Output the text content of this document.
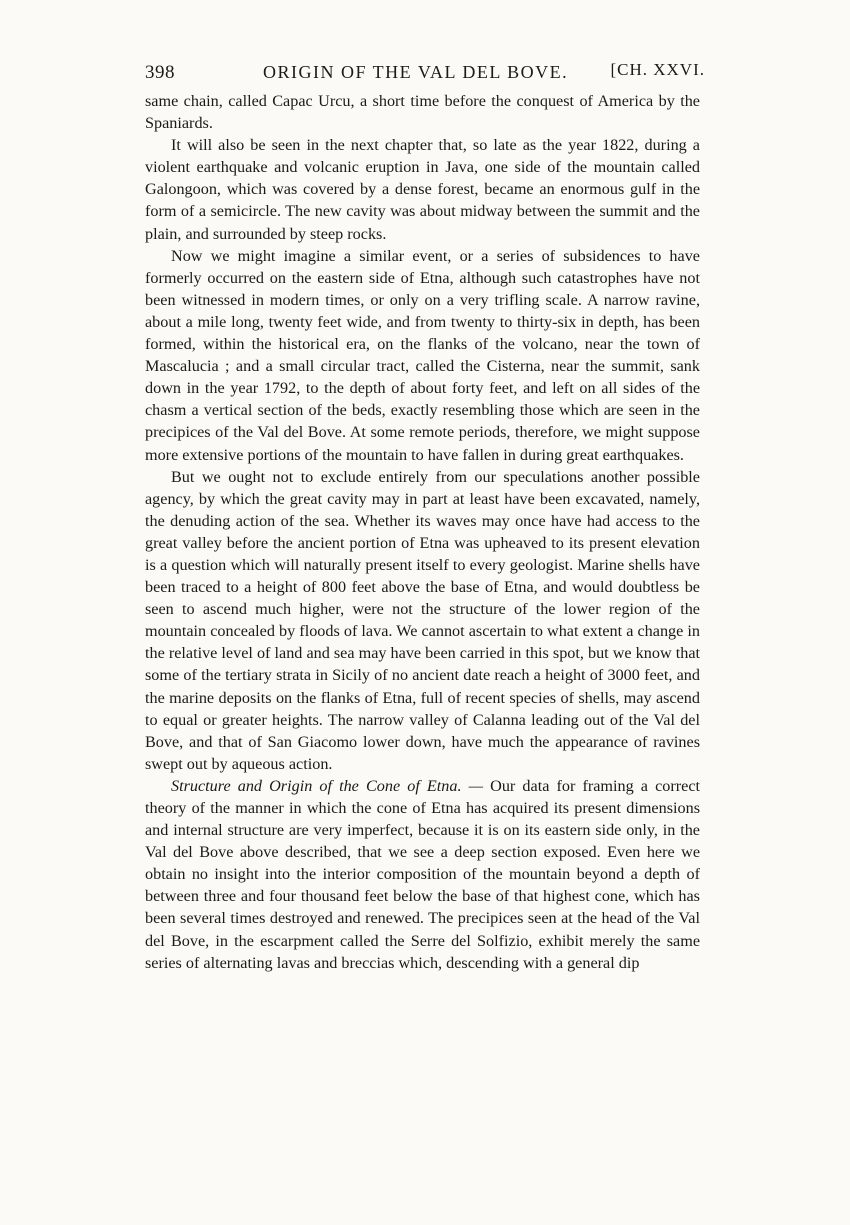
398	ORIGIN OF THE VAL DEL BOVE. [CH. XXVI.

same chain, called Capac Urcu, a short time before the conquest of America by the Spaniards.

It will also be seen in the next chapter that, so late as the year 1822, during a violent earthquake and volcanic eruption in Java, one side of the mountain called Galongoon, which was covered by a dense forest, became an enormous gulf in the form of a semicircle. The new cavity was about midway between the summit and the plain, and surrounded by steep rocks.

Now we might imagine a similar event, or a series of subsidences to have formerly occurred on the eastern side of Etna, although such catastrophes have not been witnessed in modern times, or only on a very trifling scale. A narrow ravine, about a mile long, twenty feet wide, and from twenty to thirty-six in depth, has been formed, within the historical era, on the flanks of the volcano, near the town of Mascalucia ; and a small circular tract, called the Cisterna, near the summit, sank down in the year 1792, to the depth of about forty feet, and left on all sides of the chasm a vertical section of the beds, exactly resembling those which are seen in the precipices of the Val del Bove. At some remote periods, therefore, we might suppose more extensive portions of the mountain to have fallen in during great earthquakes.

But we ought not to exclude entirely from our speculations another possible agency, by which the great cavity may in part at least have been excavated, namely, the denuding action of the sea. Whether its waves may once have had access to the great valley before the ancient portion of Etna was upheaved to its present elevation is a question which will naturally present itself to every geologist. Marine shells have been traced to a height of 800 feet above the base of Etna, and would doubtless be seen to ascend much higher, were not the structure of the lower region of the mountain concealed by floods of lava. We cannot ascertain to what extent a change in the relative level of land and sea may have been carried in this spot, but we know that some of the tertiary strata in Sicily of no ancient date reach a height of 3000 feet, and the marine deposits on the flanks of Etna, full of recent species of shells, may ascend to equal or greater heights. The narrow valley of Calanna leading out of the Val del Bove, and that of San Giacomo lower down, have much the appearance of ravines swept out by aqueous action.

Structure and Origin of the Cone of Etna. — Our data for framing a correct theory of the manner in which the cone of Etna has acquired its present dimensions and internal structure are very imperfect, because it is on its eastern side only, in the Val del Bove above described, that we see a deep section exposed. Even here we obtain no insight into the interior composition of the mountain beyond a depth of between three and four thousand feet below the base of that highest cone, which has been several times destroyed and renewed. The precipices seen at the head of the Val del Bove, in the escarpment called the Serre del Solfizio, exhibit merely the same series of alternating lavas and breccias which, descending with a general dip
